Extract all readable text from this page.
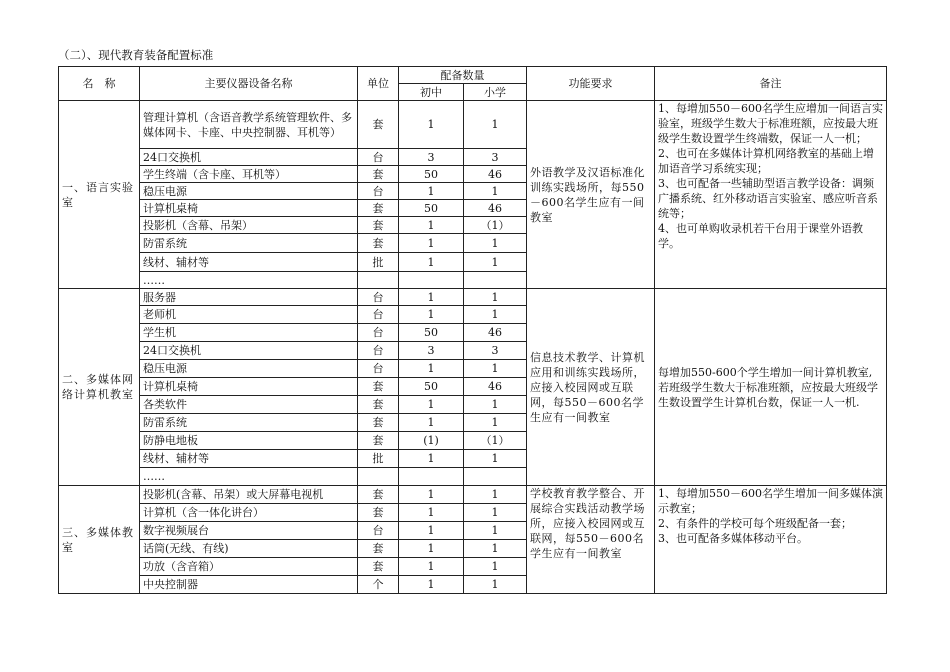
（二）、现代教育装备配置标准
名　称	主要仪器设备名称	单位	配备数量		功能要求	备注
			初中	小学		
一、语言实验室	管理计算机（含语音教学系统管理软件、多媒体网卡、卡座、中央控制器、耳机等）	套	1	1	外语教学及汉语标准化训练实践场所，每550－600名学生应有一间教室	1、每增加550－600名学生应增加一间语言实验室，班级学生数大于标准班额，应按最大班级学生数设置学生终端数，保证一人一机；

2、也可在多媒体计算机网络教室的基础上增加语音学习系统实现；

3、也可配备一些辅助型语言教学设备：调频广播系统、红外移动语言实验室、感应听音系统等；

4、也可单购收录机若干台用于课堂外语教学。

	24口交换机	台	3	3		
	学生终端（含卡座、耳机等）	套	50	46		
	稳压电源	台	1	1		
	计算机桌椅	套	50	46		
	投影机（含幕、吊架）	套	1	（1）		
	防雷系统	套	1	1		
	线材、辅材等	批	1	1		
	……					
二、多媒体网络计算机教室	服务器	台	1	1	信息技术教学、计算机应用和训练实践场所，应接入校园网或互联网，每550－600名学生应有一间教室	每增加550-600个学生增加一间计算机教室,若班级学生数大于标准班额，应按最大班级学生数设置学生计算机台数，保证一人一机.

	老师机	台	1	1		
	学生机	台	50	46		
	24口交换机	台	3	3		
	稳压电源	台	1	1		
	计算机桌椅	套	50	46		
	各类软件	套	1	1		
	防雷系统	套	1	1		
	防静电地板	套	(1)	（1）		
	线材、辅材等	批	1	1		
	……					
三、多媒体教室	投影机(含幕、吊架）或大屏幕电视机	套	1	1	学校教育教学整合、开展综合实践活动教学场所，应接入校园网或互联网，每550－600名学生应有一间教室	1、每增加550－600名学生增加一间多媒体演示教室；

2、有条件的学校可每个班级配备一套；

3、也可配备多媒体移动平台。

	计算机（含一体化讲台）	套	1	1		
	数字视频展台	台	1	1		
	话筒(无线、有线)	套	1	1		
	功放（含音箱）	套	1	1		
	中央控制器	个	1	1		
